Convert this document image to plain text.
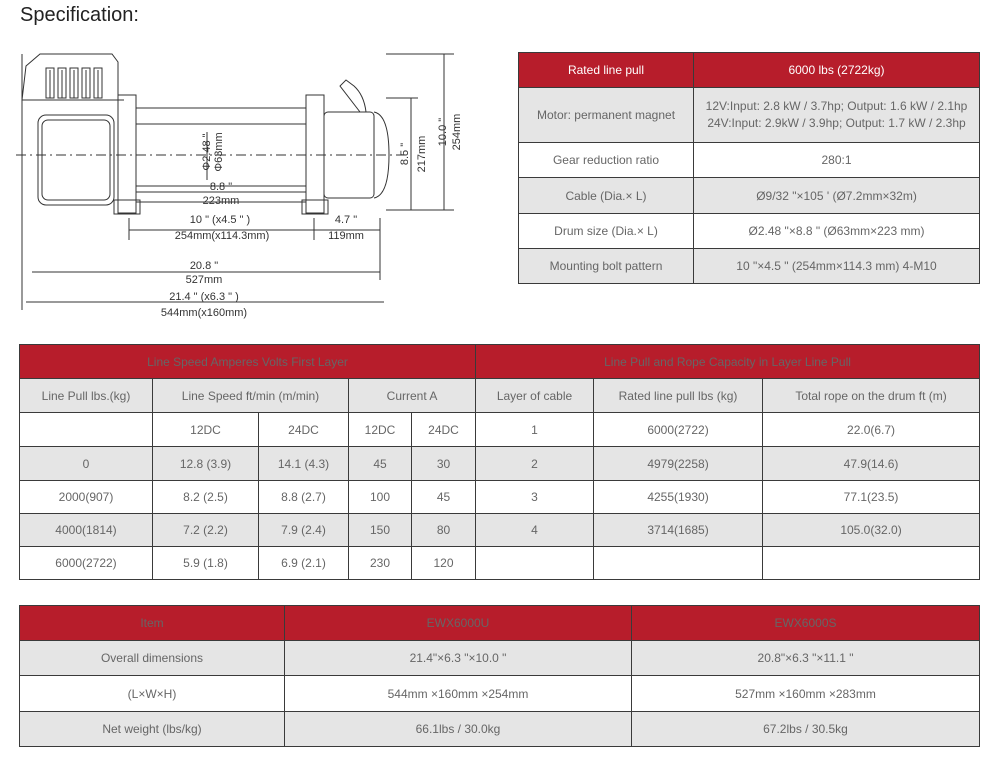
Specification:
Φ2.48 " Φ63mm
8.8 "
223mm
10 " (x4.5 " )
254mm(x114.3mm)
4.7 "
119mm
20.8 "
527mm
21.4 " (x6.3 " )
544mm(x160mm)
8.5 " 217mm
10.0 " 254mm
Rated line pull	6000 lbs (2722kg)
Motor: permanent magnet	12V:Input: 2.8 kW / 3.7hp; Output: 1.6 kW / 2.1hp
24V:Input: 2.9kW / 3.9hp; Output: 1.7 kW / 2.3hp

Gear reduction ratio	280:1
Cable (Dia.× L)	Ø9/32 "×105 ' (Ø7.2mm×32m)
Drum size (Dia.× L)	Ø2.48 "×8.8 " (Ø63mm×223 mm)
Mounting bolt pattern	10 "×4.5 " (254mm×114.3 mm) 4-M10
Line Speed Amperes Volts First Layer					Line Pull and Rope Capacity in Layer Line Pull		
Line Pull lbs.(kg)	Line Speed ft/min (m/min)		Current A		Layer of cable	Rated line pull lbs (kg)	Total rope on the drum ft (m)
	12DC	24DC	12DC	24DC	1	6000(2722)	22.0(6.7)
0	12.8 (3.9)	14.1 (4.3)	45	30	2	4979(2258)	47.9(14.6)
2000(907)	8.2 (2.5)	8.8 (2.7)	100	45	3	4255(1930)	77.1(23.5)
4000(1814)	7.2 (2.2)	7.9 (2.4)	150	80	4	3714(1685)	105.0(32.0)
6000(2722)	5.9 (1.8)	6.9 (2.1)	230	120			
Item	EWX6000U	EWX6000S
Overall dimensions	21.4"×6.3 "×10.0 "	20.8"×6.3 "×11.1 "
(L×W×H)	544mm ×160mm ×254mm	527mm ×160mm ×283mm
Net weight (lbs/kg)	66.1lbs / 30.0kg	67.2lbs / 30.5kg
